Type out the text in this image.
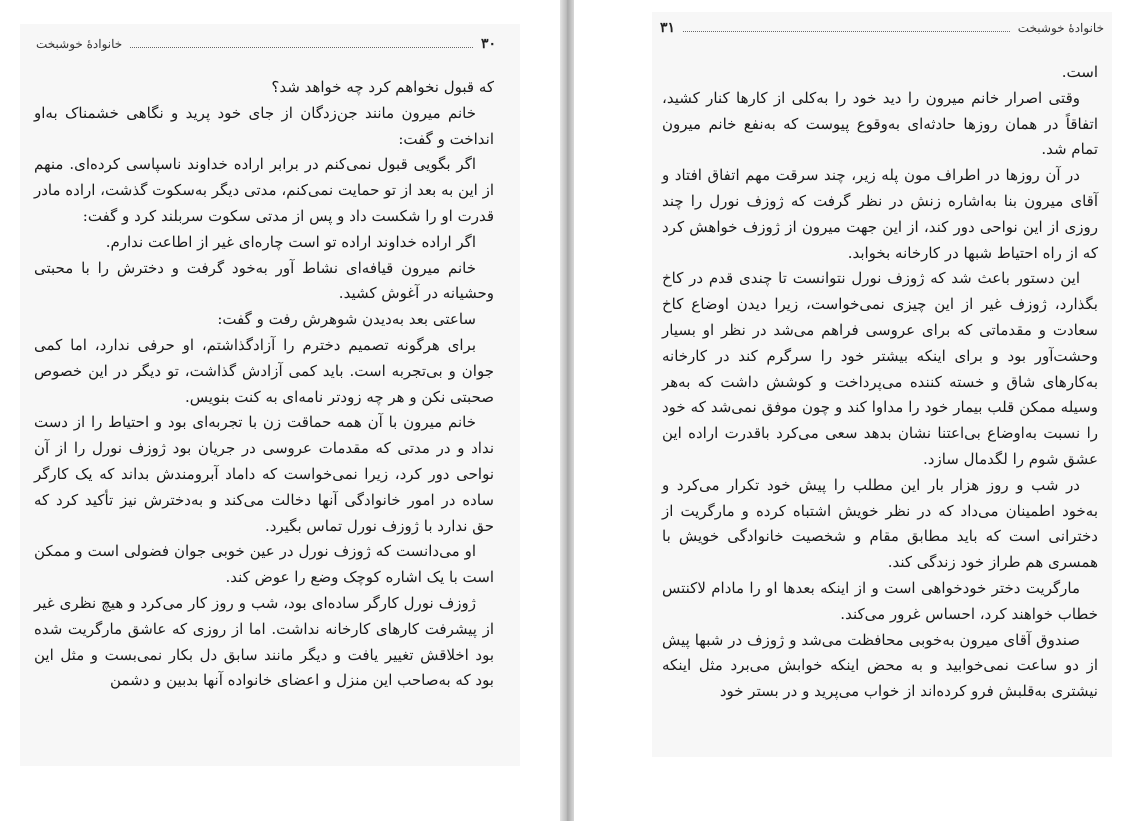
۳۰
خانوادهٔ خوشبخت

که قبول نخواهم کرد چه خواهد شد؟

خانم میرون مانند جن‌زدگان از جای خود پرید و نگاهی خشمناک به‌او انداخت و گفت:

اگر بگویی قبول نمی‌کنم در برابر اراده خداوند ناسپاسی کرده‌ای. منهم از این به بعد از تو حمایت نمی‌کنم، مدتی دیگر به‌سکوت گذشت، اراده مادر قدرت او را شکست داد و پس از مدتی سکوت سربلند کرد و گفت:

اگر اراده خداوند اراده تو است چاره‌ای غیر از اطاعت ندارم.

خانم میرون قیافه‌ای نشاط آور به‌خود گرفت و دخترش را با محبتی وحشیانه در آغوش کشید.

ساعتی بعد به‌دیدن شوهرش رفت و گفت:

برای هرگونه تصمیم دخترم را آزادگذاشتم، او حرفی ندارد، اما کمی جوان و بی‌تجربه است. باید کمی آزادش گذاشت، تو دیگر در این خصوص صحبتی نکن و هر چه زودتر نامه‌ای به کنت بنویس.

خانم میرون با آن همه حماقت زن با تجربه‌ای بود و احتیاط را از دست نداد و در مدتی که مقدمات عروسی در جریان بود ژوزف نورل را از آن نواحی دور کرد، زیرا نمی‌خواست که داماد آبرومندش بداند که یک کارگر ساده در امور خانوادگی آنها دخالت می‌کند و به‌دخترش نیز تأکید کرد که حق ندارد با ژوزف نورل تماس بگیرد.

او می‌دانست که ژوزف نورل در عین خوبی جوان فضولی است و ممکن است با یک اشاره کوچک وضع را عوض کند.

ژوزف نورل کارگر ساده‌ای بود، شب و روز کار می‌کرد و هیچ نظری غیر از پیشرفت کارهای کارخانه نداشت. اما از روزی که عاشق مارگریت شده بود اخلاقش تغییر یافت و دیگر مانند سابق دل بکار نمی‌بست و مثل این بود که به‌صاحب این منزل و اعضای خانواده آنها بدبین و دشمن

خانوادهٔ خوشبخت
۳۱

است.

وقتی اصرار خانم میرون را دید خود را به‌کلی از کارها کنار کشید، اتفاقاً در همان روزها حادثه‌ای به‌وقوع پیوست که به‌نفع خانم میرون تمام شد.

در آن روزها در اطراف مون پله زیر، چند سرقت مهم اتفاق افتاد و آقای میرون بنا به‌اشاره زنش در نظر گرفت که ژوزف نورل را چند روزی از این نواحی دور کند، از این جهت میرون از ژوزف خواهش کرد که از راه احتیاط شبها در کارخانه بخوابد.

این دستور باعث شد که ژوزف نورل نتوانست تا چندی قدم در کاخ بگذارد، ژوزف غیر از این چیزی نمی‌خواست، زیرا دیدن اوضاع کاخ سعادت و مقدماتی که برای عروسی فراهم می‌شد در نظر او بسیار وحشت‌آور بود و برای اینکه بیشتر خود را سرگرم کند در کارخانه به‌کارهای شاق و خسته کننده می‌پرداخت و کوشش داشت که به‌هر وسیله ممکن قلب بیمار خود را مداوا کند و چون موفق نمی‌شد که خود را نسبت به‌اوضاع بی‌اعتنا نشان بدهد سعی می‌کرد باقدرت اراده این عشق شوم را لگدمال سازد.

در شب و روز هزار بار این مطلب را پیش خود تکرار می‌کرد و به‌خود اطمینان می‌داد که در نظر خویش اشتباه کرده و مارگریت از دخترانی است که باید مطابق مقام و شخصیت خانوادگی خویش با همسری هم طراز خود زندگی کند.

مارگریت دختر خودخواهی است و از اینکه بعدها او را مادام لاکنتس خطاب خواهند کرد، احساس غرور می‌کند.

صندوق آقای میرون به‌خوبی محافظت می‌شد و ژوزف در شبها پیش از دو ساعت نمی‌خوابید و به محض اینکه خوابش می‌برد مثل اینکه نیشتری به‌قلبش فرو کرده‌اند از خواب می‌پرید و در بستر خود
